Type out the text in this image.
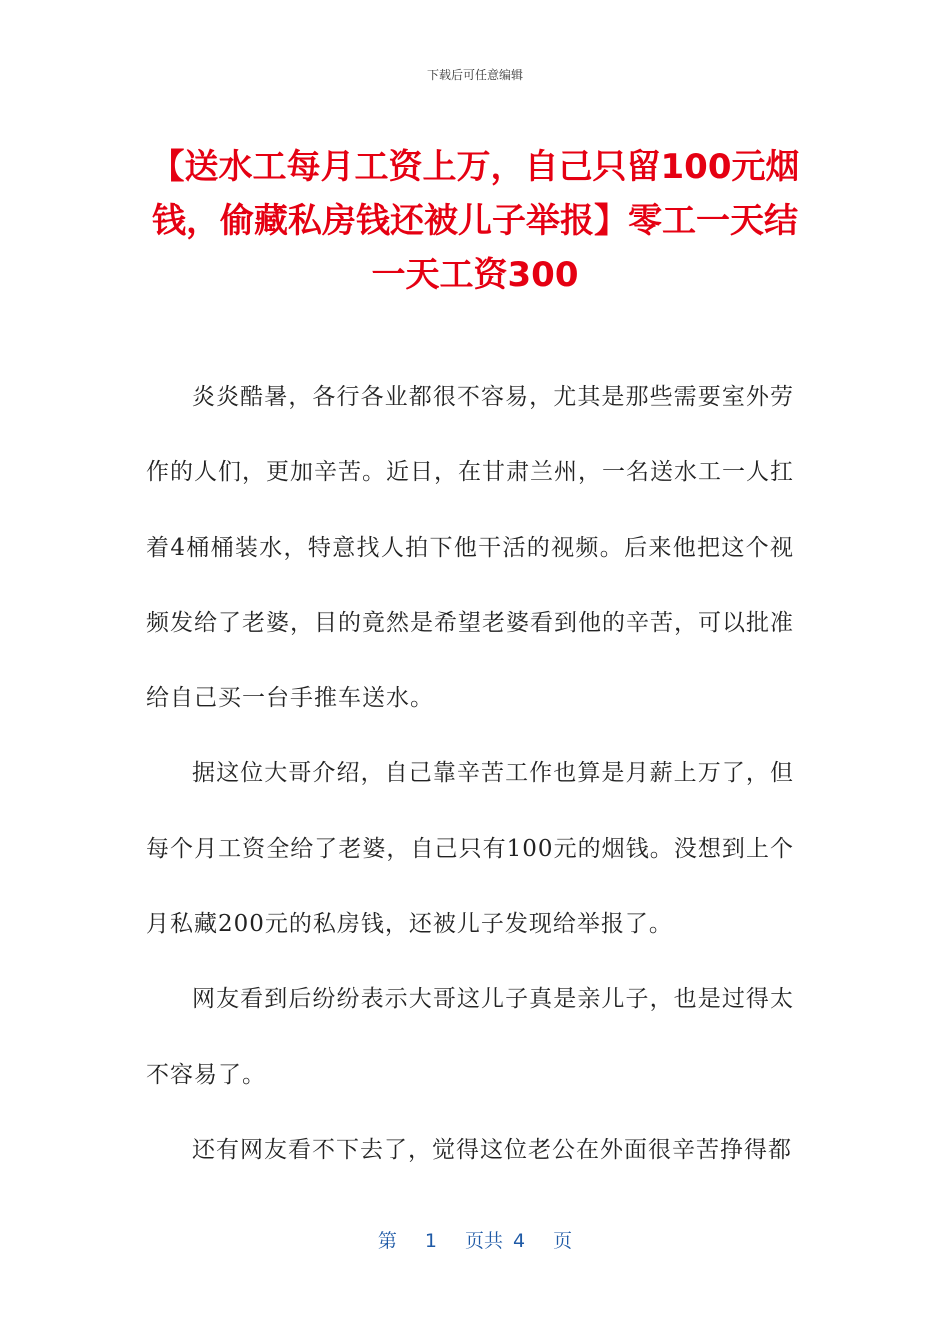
下载后可任意编辑
【送水工每月工资上万，自己只留100元烟钱，偷藏私房钱还被儿子举报】零工一天结一天工资300

炎炎酷暑，各行各业都很不容易，尤其是那些需要室外劳作的人们，更加辛苦。近日，在甘肃兰州，一名送水工一人扛着4桶桶装水，特意找人拍下他干活的视频。后来他把这个视频发给了老婆，目的竟然是希望老婆看到他的辛苦，可以批准给自己买一台手推车送水。

据这位大哥介绍，自己靠辛苦工作也算是月薪上万了，但每个月工资全给了老婆，自己只有100元的烟钱。没想到上个月私藏200元的私房钱，还被儿子发现给举报了。

网友看到后纷纷表示大哥这儿子真是亲儿子，也是过得太不容易了。

还有网友看不下去了，觉得这位老公在外面很辛苦挣得都

第 1 页共 4 页
